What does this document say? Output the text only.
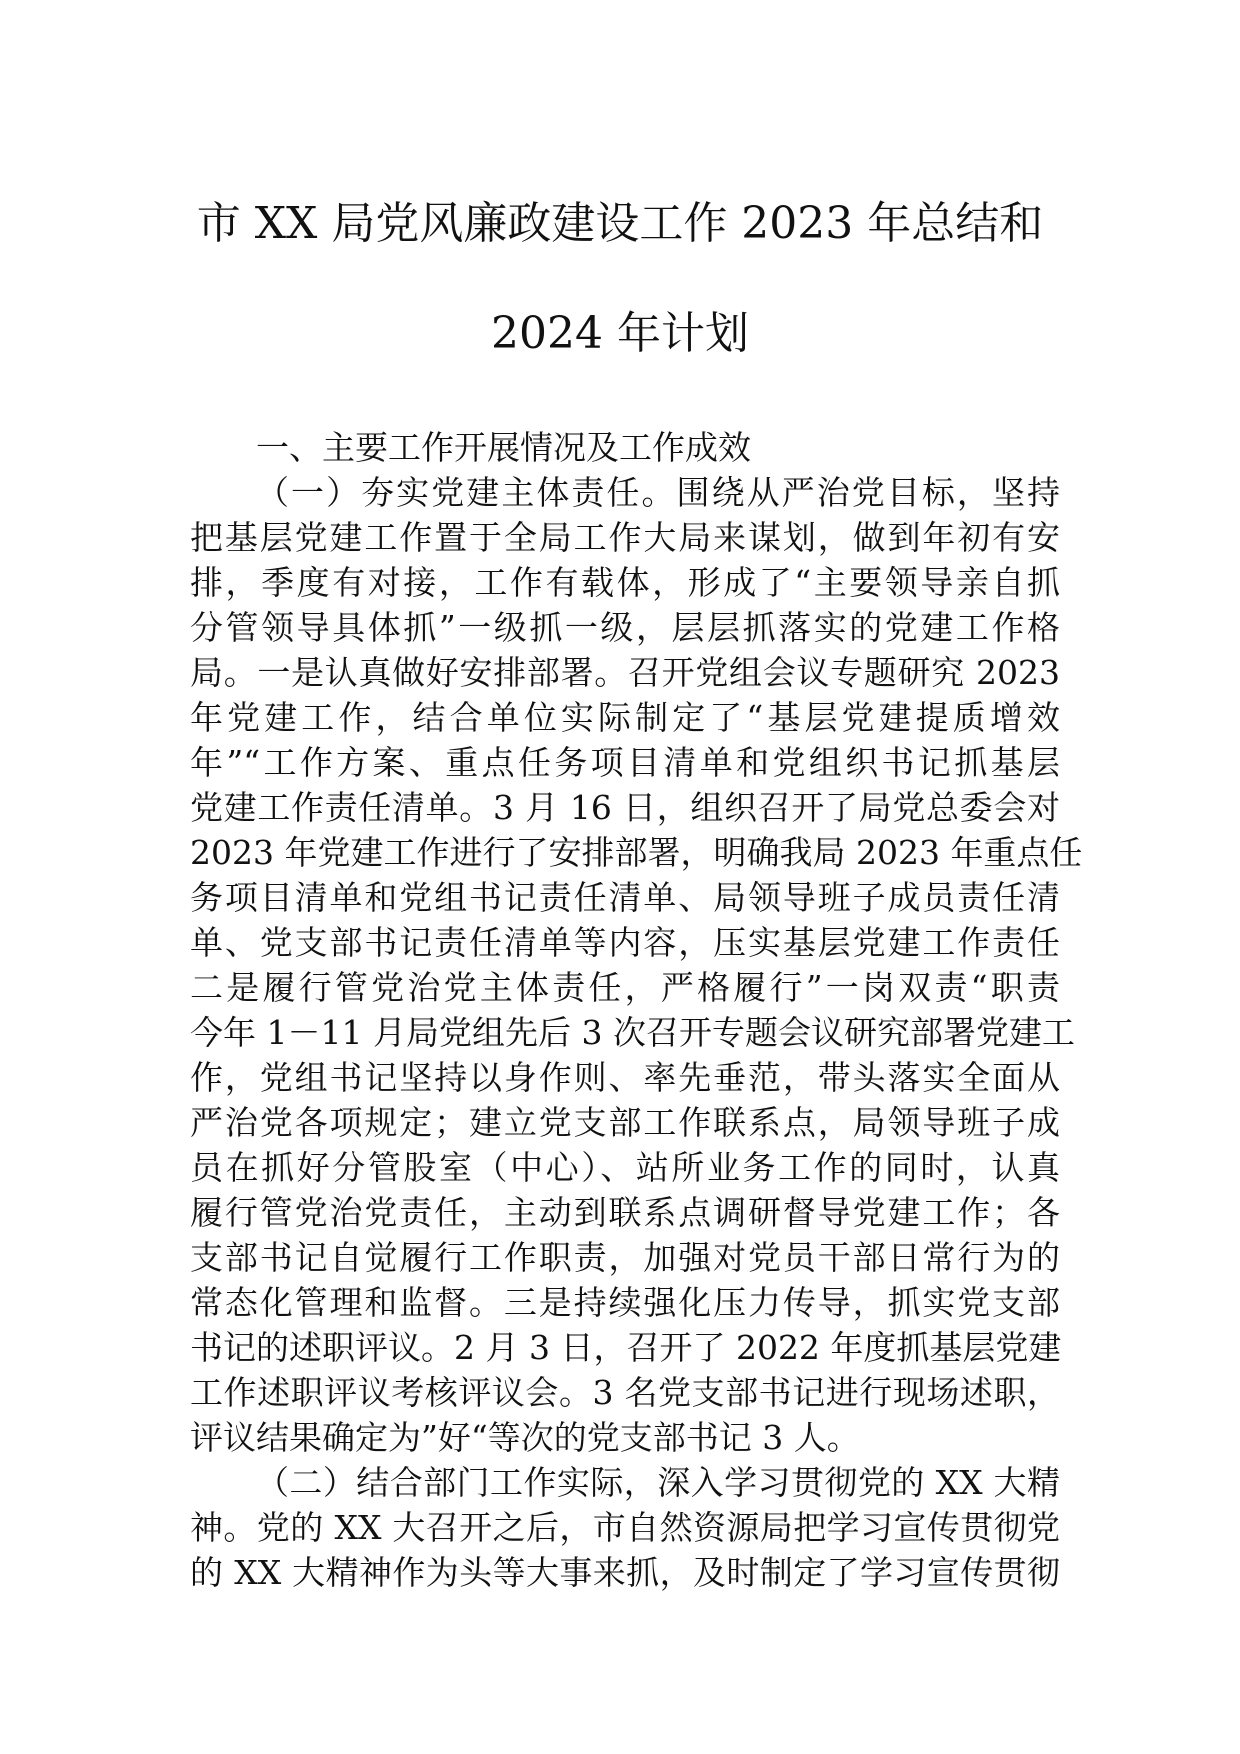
市 XX 局党风廉政建设工作 2023 年总结和
2024 年计划
一、主要工作开展情况及工作成效
（一）夯实党建主体责任。围绕从严治党目标，坚持
把基层党建工作置于全局工作大局来谋划，做到年初有安
排，季度有对接，工作有载体，形成了“主要领导亲自抓
分管领导具体抓”一级抓一级，层层抓落实的党建工作格
局。一是认真做好安排部署。召开党组会议专题研究 2023
年党建工作，结合单位实际制定了“基层党建提质增效
年”“工作方案、重点任务项目清单和党组织书记抓基层
党建工作责任清单。3 月 16 日，组织召开了局党总委会对
2023 年党建工作进行了安排部署，明确我局 2023 年重点任
务项目清单和党组书记责任清单、局领导班子成员责任清
单、党支部书记责任清单等内容，压实基层党建工作责任
二是履行管党治党主体责任，严格履行”一岗双责“职责
今年 1－11 月局党组先后 3 次召开专题会议研究部署党建工
作，党组书记坚持以身作则、率先垂范，带头落实全面从
严治党各项规定；建立党支部工作联系点，局领导班子成
员在抓好分管股室（中心）、站所业务工作的同时，认真
履行管党治党责任，主动到联系点调研督导党建工作；各
支部书记自觉履行工作职责，加强对党员干部日常行为的
常态化管理和监督。三是持续强化压力传导，抓实党支部
书记的述职评议。2 月 3 日，召开了 2022 年度抓基层党建
工作述职评议考核评议会。3 名党支部书记进行现场述职，
评议结果确定为”好“等次的党支部书记 3 人。
（二）结合部门工作实际，深入学习贯彻党的 XX 大精
神。党的 XX 大召开之后，市自然资源局把学习宣传贯彻党
的 XX 大精神作为头等大事来抓，及时制定了学习宣传贯彻
